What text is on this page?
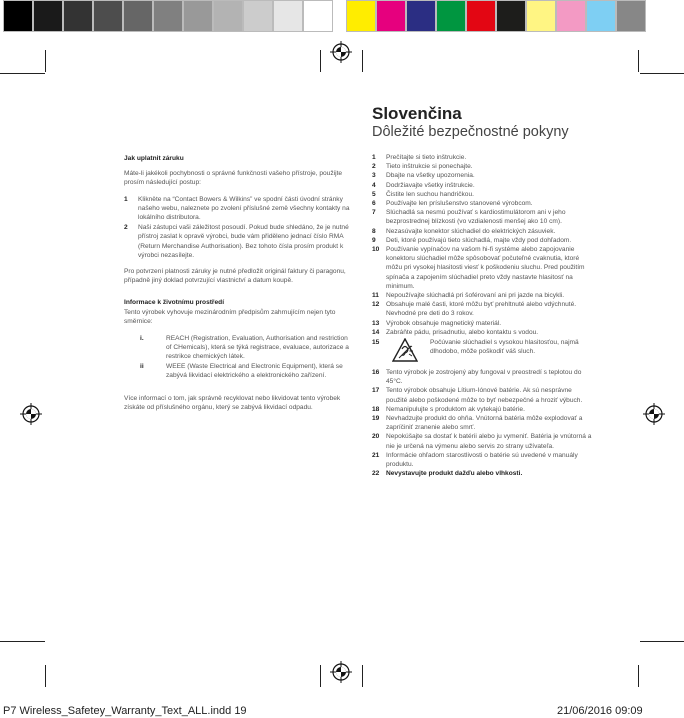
Jak uplatnit záruku

Máte-li jakékoli pochybnosti o správné funkčnosti vašeho přístroje, použijte prosím následující postup:

1	Klikněte na “Contact Bowers & Wilkins” ve spodní části úvodní stránky našeho webu, naleznete po zvolení příslušné země všechny kontakty na lokálního distributora.
2	Naši zástupci vaši záležitost posoudí. Pokud bude shledáno, že je nutné přístroj zaslat k opravě výrobci, bude vám přiděleno jednací číslo RMA (Return Merchandise Authorisation). Bez tohoto čísla prosím produkt k výrobci nezasílejte.

Pro potvrzení platnosti záruky je nutné předložit originál faktury či paragonu, případně jiný doklad potvrzující vlastnictví a datum koupě.

Informace k životnímu prostředí

Tento výrobek vyhovuje mezinárodním předpisům zahrnujícím nejen tyto směrnice:

i.	REACH (Registration, Evaluation, Authorisation and restriction of CHemicals), která se týká registrace, evaluace, autorizace a restrikce chemických látek.
ii	WEEE (Waste Electrical and Electronic Equipment), která se zabývá likvidací elektrického a elektronického zařízení.

Více informací o tom, jak správně recyklovat nebo likvidovat tento výrobek získáte od příslušného orgánu, který se zabývá likvidací odpadu.

Slovenčina
Dôležité bezpečnostné pokyny
1	Prečítajte si tieto inštrukcie.
2	Tieto inštrukcie si ponechajte.
3	Dbajte na všetky upozornenia.
4	Dodržiavajte všetky inštrukcie.
5	Čistite len suchou handričkou.
6	Používajte len príslušenstvo stanovené výrobcom.
7	Slúchadlá sa nesmú používať s kardiostimulátorom ani v jeho bezprostrednej blízkosti (vo vzdialenosti menšej ako 10 cm).
8	Nezasúvajte konektor slúchadiel do elektrických zásuviek.
9	Deti, ktoré používajú tieto slúchadlá, majte vždy pod dohľadom.
10	Používanie vypínačov na vašom hi-fi systéme alebo zapojovanie konektoru slúchadiel môže spôsobovať počuteľné cvaknutia, ktoré môžu pri vysokej hlasitosti viesť k poškodeniu sluchu. Pred použitím spínača a zapojením slúchadiel preto vždy nastavte hlasitosť na minimum.
11	Nepoužívajte slúchadlá pri šoférovaní ani pri jazde na bicykli.
12	Obsahuje malé časti, ktoré môžu byť prehltnuté alebo vdýchnuté. Nevhodné pre deti do 3 rokov.
13	Výrobok obsahuje magnetický materiál.
14	Zabráňte pádu, prisadnutiu, alebo kontaktu s vodou.
15	Počúvanie slúchadiel s vysokou hlasitosťou, najmä dlhodobo, môže poškodiť váš sluch.
16	Tento výrobok je zostrojený aby fungoval v preostredí s teplotou do 45°C.
17	Tento výrobok obsahuje Lítium-Iónové batérie. Ak sú nesprávne použité alebo poškodené môže to byť nebezpečné a hroziť výbuch.
18	Nemanipulujte s produktom ak vytekajú batérie.
19	Nevhadzujte produkt do ohňa. Vnútorná batéria môže explodovať a zapríčiniť zranenie alebo smrť.
20	Nepokúšajte sa dostať k batérii alebo ju vymeniť. Batéria je vnútorná a nie je určená na výmenu alebo servis zo strany užívateľa.
21	Informácie ohľadom starostlivosti o batérie sú uvedené v manuály produktu.
22	Nevystavujte produkt dažďu alebo vlhkosti.
P7 Wireless_Safetey_Warranty_Text_ALL.indd 19	21/06/2016 09:09
